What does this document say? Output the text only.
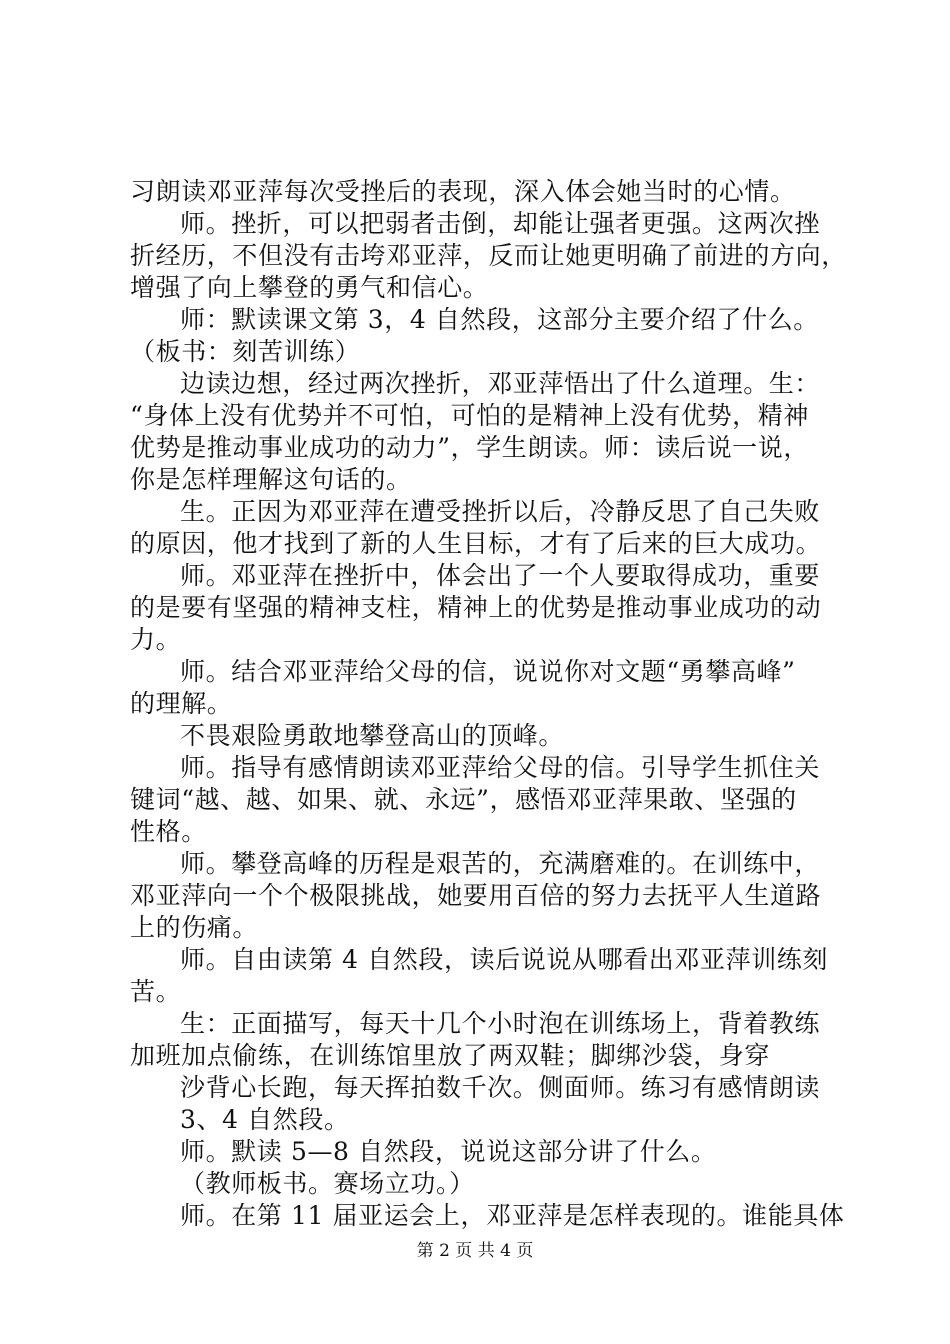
习朗读邓亚萍每次受挫后的表现，深入体会她当时的心情。
师。挫折，可以把弱者击倒，却能让强者更强。这两次挫
折经历，不但没有击垮邓亚萍，反而让她更明确了前进的方向，
增强了向上攀登的勇气和信心。
师：默读课文第 3，4 自然段，这部分主要介绍了什么。
（板书：刻苦训练）
边读边想，经过两次挫折，邓亚萍悟出了什么道理。生：
“身体上没有优势并不可怕，可怕的是精神上没有优势，精神
优势是推动事业成功的动力”，学生朗读。师：读后说一说，
你是怎样理解这句话的。
生。正因为邓亚萍在遭受挫折以后，冷静反思了自己失败
的原因，他才找到了新的人生目标，才有了后来的巨大成功。
师。邓亚萍在挫折中，体会出了一个人要取得成功，重要
的是要有坚强的精神支柱，精神上的优势是推动事业成功的动
力。
师。结合邓亚萍给父母的信，说说你对文题“勇攀高峰”
的理解。
不畏艰险勇敢地攀登高山的顶峰。
师。指导有感情朗读邓亚萍给父母的信。引导学生抓住关
键词“越、越、如果、就、永远”，感悟邓亚萍果敢、坚强的
性格。
师。攀登高峰的历程是艰苦的，充满磨难的。在训练中，
邓亚萍向一个个极限挑战，她要用百倍的努力去抚平人生道路
上的伤痛。
师。自由读第 4 自然段，读后说说从哪看出邓亚萍训练刻
苦。
生：正面描写，每天十几个小时泡在训练场上，背着教练
加班加点偷练，在训练馆里放了两双鞋；脚绑沙袋，身穿
沙背心长跑，每天挥拍数千次。侧面师。练习有感情朗读
3、4 自然段。
师。默读 5—8 自然段，说说这部分讲了什么。
（教师板书。赛场立功。）
师。在第 11 届亚运会上，邓亚萍是怎样表现的。谁能具体
第 2 页 共 4 页
